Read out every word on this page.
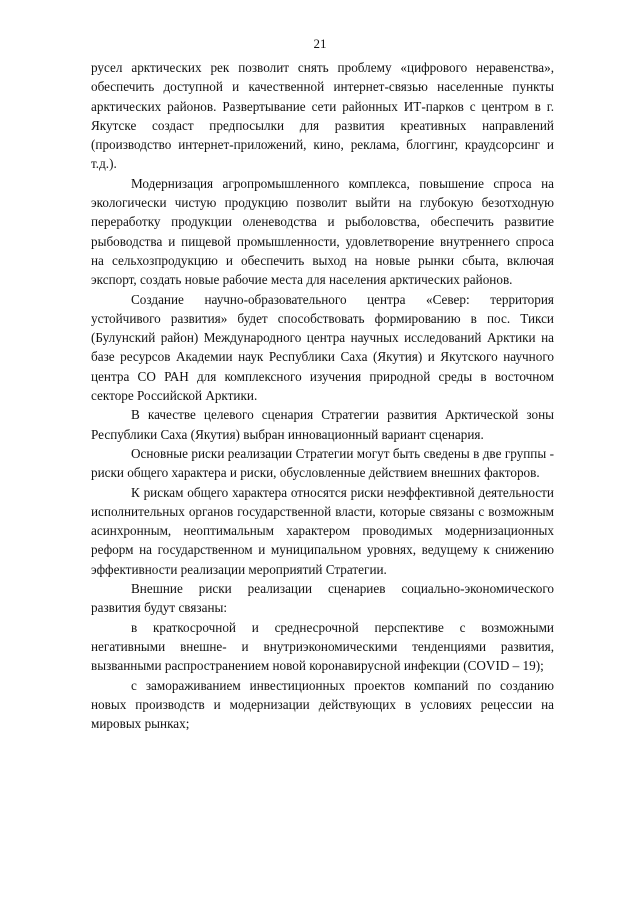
21

русел арктических рек позволит снять проблему «цифрового неравенства», обеспечить доступной и качественной интернет-связью населенные пункты арктических районов. Развертывание сети районных ИТ-парков с центром в г. Якутске создаст предпосылки для развития креативных направлений (производство интернет-приложений, кино, реклама, блоггинг, краудсорсинг и т.д.).

Модернизация агропромышленного комплекса, повышение спроса на экологически чистую продукцию позволит выйти на глубокую безотходную переработку продукции оленеводства и рыболовства, обеспечить развитие рыбоводства и пищевой промышленности, удовлетворение внутреннего спроса на сельхозпродукцию и обеспечить выход на новые рынки сбыта, включая экспорт, создать новые рабочие места для населения арктических районов.

Создание научно-образовательного центра «Север: территория устойчивого развития» будет способствовать формированию в пос. Тикси (Булунский район) Международного центра научных исследований Арктики на базе ресурсов Академии наук Республики Саха (Якутия) и Якутского научного центра СО РАН для комплексного изучения природной среды в восточном секторе Российской Арктики.

В качестве целевого сценария Стратегии развития Арктической зоны Республики Саха (Якутия) выбран инновационный вариант сценария.

Основные риски реализации Стратегии могут быть сведены в две группы - риски общего характера и риски, обусловленные действием внешних факторов.

К рискам общего характера относятся риски неэффективной деятельности исполнительных органов государственной власти, которые связаны с возможным асинхронным, неоптимальным характером проводимых модернизационных реформ на государственном и муниципальном уровнях, ведущему к снижению эффективности реализации мероприятий Стратегии.

Внешние риски реализации сценариев социально-экономического развития будут связаны:

в краткосрочной и среднесрочной перспективе с возможными негативными внешне- и внутриэкономическими тенденциями развития, вызванными распространением новой коронавирусной инфекции (COVID – 19);

с замораживанием инвестиционных проектов компаний по созданию новых производств и модернизации действующих в условиях рецессии на мировых рынках;
